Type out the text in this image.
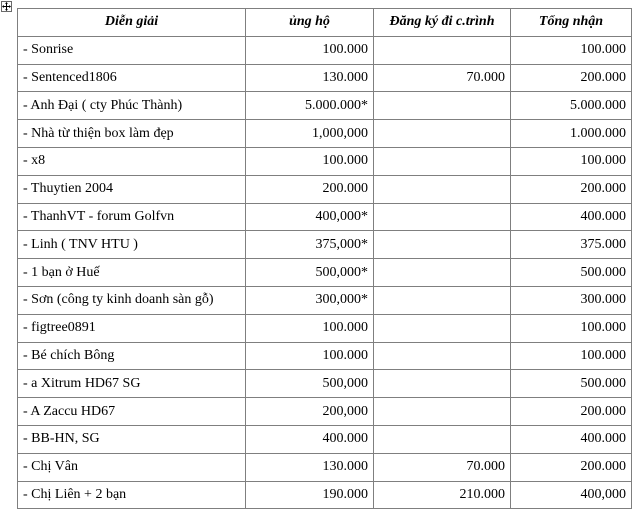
Diễn giải	ủng hộ	Đăng ký đi c.trình	Tổng nhận
- Sonrise	100.000		100.000
- Sentenced1806	130.000	70.000	200.000
- Anh Đại ( cty Phúc Thành)	5.000.000*		5.000.000
- Nhà từ thiện box làm đẹp	1,000,000		1.000.000
- x8	100.000		100.000
- Thuytien 2004	200.000		200.000
- ThanhVT - forum Golfvn	400,000*		400.000
- Linh ( TNV HTU )	375,000*		375.000
- 1 bạn ở Huế	500,000*		500.000
- Sơn (công ty kinh doanh sàn gỗ)	300,000*		300.000
- figtree0891	100.000		100.000
- Bé chích Bông	100.000		100.000
- a Xitrum HD67 SG	500,000		500.000
- A Zaccu HD67	200,000		200.000
- BB-HN, SG	400.000		400.000
- Chị Vân	130.000	70.000	200.000
- Chị Liên + 2 bạn	190.000	210.000	400,000
